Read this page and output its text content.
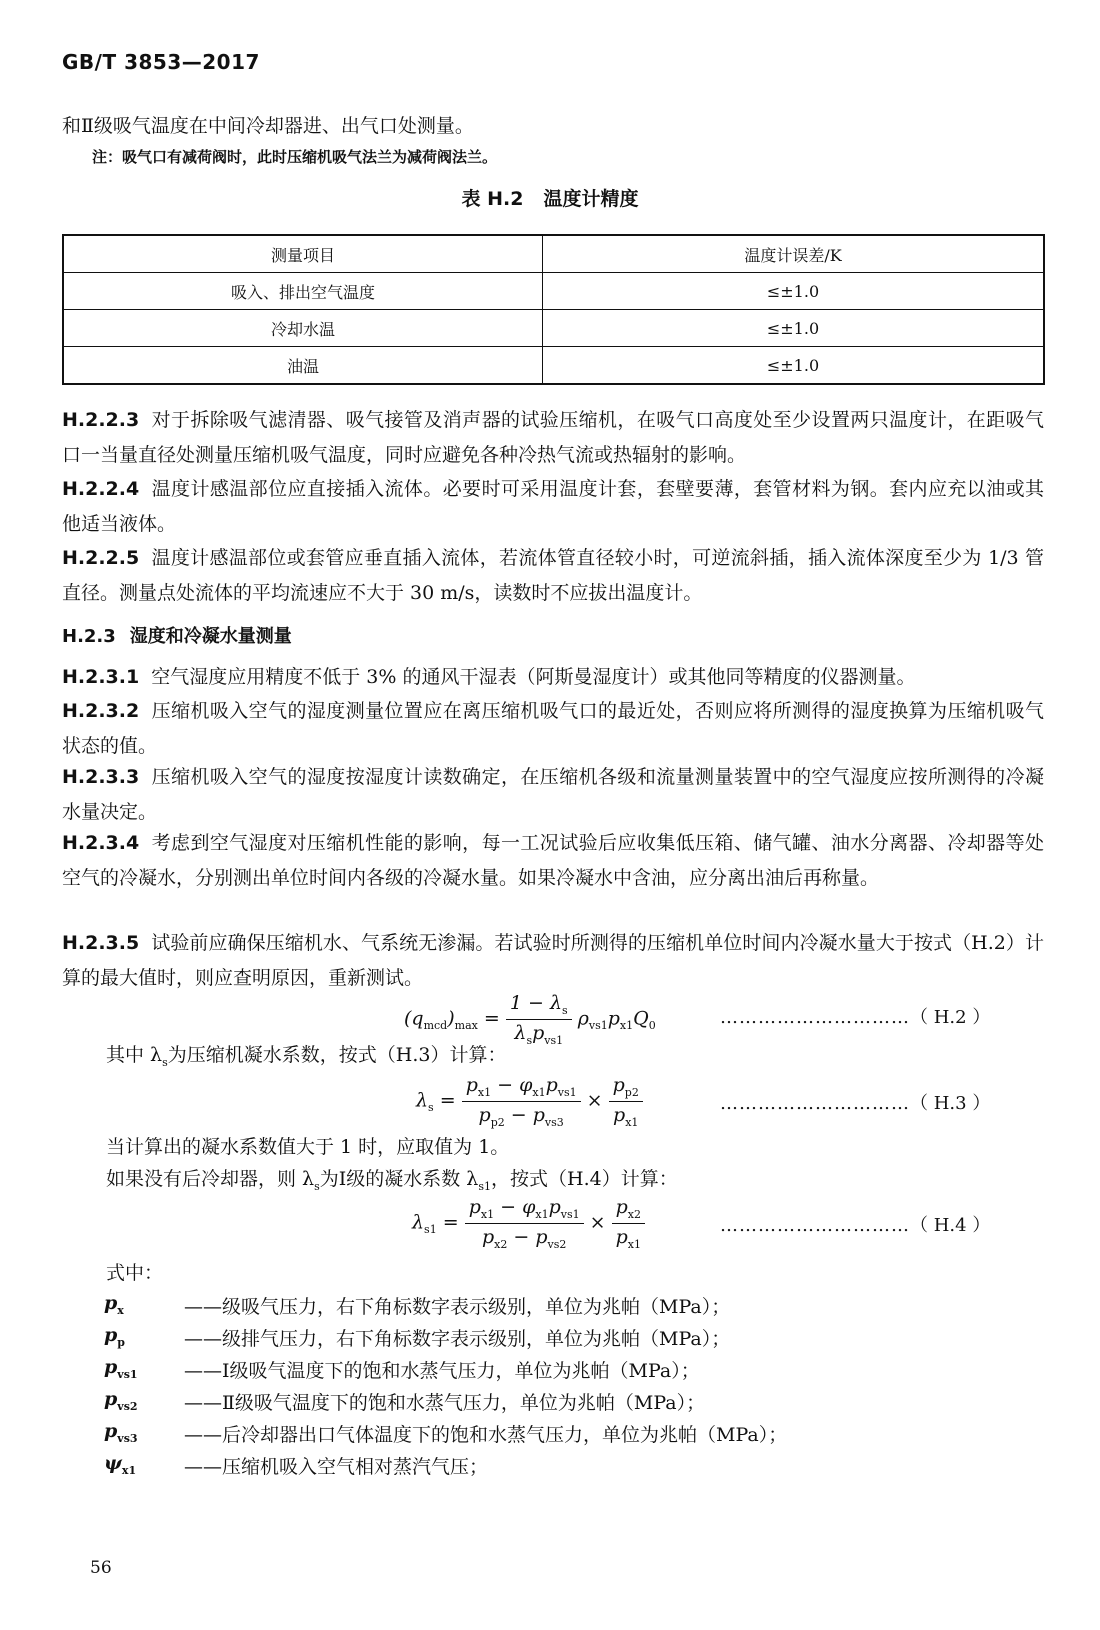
GB/T 3853—2017
和Ⅱ级吸气温度在中间冷却器进、出气口处测量。
注：吸气口有减荷阀时，此时压缩机吸气法兰为减荷阀法兰。
表 H.2 温度计精度
测量项目	温度计误差/K
吸入、排出空气温度	≤±1.0
冷却水温	≤±1.0
油温	≤±1.0
H.2.2.3 对于拆除吸气滤清器、吸气接管及消声器的试验压缩机，在吸气口高度处至少设置两只温度计，在距吸气口一当量直径处测量压缩机吸气温度，同时应避免各种冷热气流或热辐射的影响。
H.2.2.4 温度计感温部位应直接插入流体。必要时可采用温度计套，套壁要薄，套管材料为钢。套内应充以油或其他适当液体。
H.2.2.5 温度计感温部位或套管应垂直插入流体，若流体管直径较小时，可逆流斜插，插入流体深度至少为 1/3 管直径。测量点处流体的平均流速应不大于 30 m/s，读数时不应拔出温度计。
H.2.3 湿度和冷凝水量测量
H.2.3.1 空气湿度应用精度不低于 3% 的通风干湿表（阿斯曼湿度计）或其他同等精度的仪器测量。
H.2.3.2 压缩机吸入空气的湿度测量位置应在离压缩机吸气口的最近处，否则应将所测得的湿度换算为压缩机吸气状态的值。
H.2.3.3 压缩机吸入空气的湿度按湿度计读数确定，在压缩机各级和流量测量装置中的空气湿度应按所测得的冷凝水量决定。
H.2.3.4 考虑到空气湿度对压缩机性能的影响，每一工况试验后应收集低压箱、储气罐、油水分离器、冷却器等处空气的冷凝水，分别测出单位时间内各级的冷凝水量。如果冷凝水中含油，应分离出油后再称量。
H.2.3.5 试验前应确保压缩机水、气系统无渗漏。若试验时所测得的压缩机单位时间内冷凝水量大于按式（H.2）计算的最大值时，则应查明原因，重新测试。
$(q_{mcd})_{max} = \frac{1 - \lambda_s}{\lambda_sp_{vs1}} \rho_{vs1}p_{x1}Q_0$	…………………………（ H.2 ）
其中 $\lambda_s$为压缩机凝水系数，按式（H.3）计算：
$\lambda_s = \frac{p_{x1} - \varphi_{x1}p_{vs1}}{p_{p2} - p_{vs3}} \times \frac{p_{p2}}{p_{x1}}$	…………………………（ H.3 ）
当计算出的凝水系数值大于 1 时，应取值为 1。
如果没有后冷却器，则 $\lambda_s$为Ⅰ级的凝水系数 $\lambda_{s1}$，按式（H.4）计算：
$\lambda_{s1} = \frac{p_{x1} - \varphi_{x1}p_{vs1}}{p_{x2} - p_{vs2}} \times \frac{p_{x2}}{p_{x1}}$	…………………………（ H.4 ）
式中：
$p_x$	——级吸气压力，右下角标数字表示级别，单位为兆帕（MPa）；
$p_p$	——级排气压力，右下角标数字表示级别，单位为兆帕（MPa）；
$p_{vs1}$	——Ⅰ级吸气温度下的饱和水蒸气压力，单位为兆帕（MPa）；
$p_{vs2}$	——Ⅱ级吸气温度下的饱和水蒸气压力，单位为兆帕（MPa）；
$p_{vs3}$	——后冷却器出口气体温度下的饱和水蒸气压力，单位为兆帕（MPa）；
$\psi_{x1}$	——压缩机吸入空气相对蒸汽气压；
56
